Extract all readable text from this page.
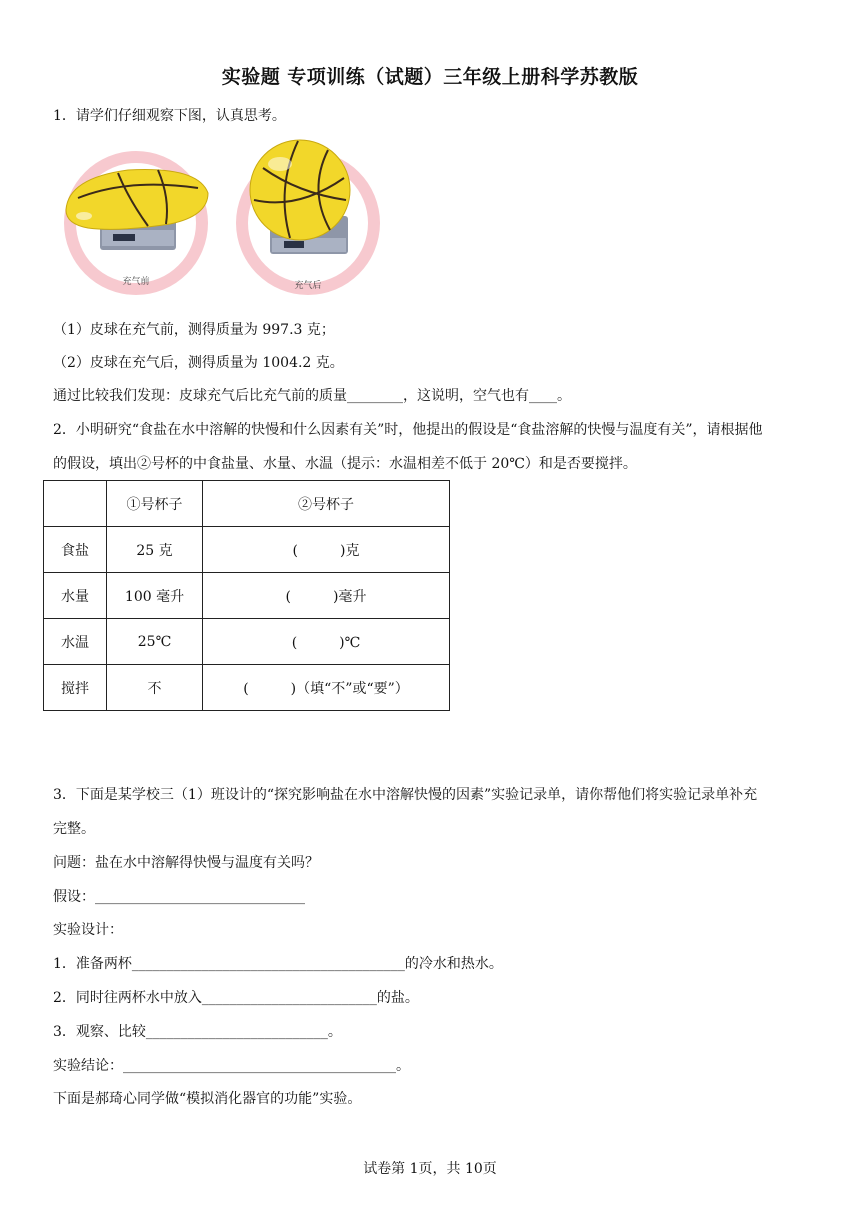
实验题 专项训练（试题）三年级上册科学苏教版
1．请学们仔细观察下图，认真思考。
充气前	充气后
（1）皮球在充气前，测得质量为 997.3 克；
（2）皮球在充气后，测得质量为 1004.2 克。
通过比较我们发现：皮球充气后比充气前的质量________，这说明，空气也有____。
2．小明研究“食盐在水中溶解的快慢和什么因素有关”时，他提出的假设是“食盐溶解的快慢与温度有关”，请根据他
的假设，填出②号杯的中食盐量、水量、水温（提示：水温相差不低于 20℃）和是否要搅拌。
	①号杯子	②号杯子
食盐	25 克	(　　　)克
水量	100 毫升	(　　　)毫升
水温	25℃	(　　　)℃
搅拌	不	(　　　)（填“不”或“要”）
3．下面是某学校三（1）班设计的“探究影响盐在水中溶解快慢的因素”实验记录单，请你帮他们将实验记录单补充
完整。
问题：盐在水中溶解得快慢与温度有关吗？
假设：______________________________
实验设计：
1．准备两杯_______________________________________的冷水和热水。
2．同时往两杯水中放入_________________________的盐。
3．观察、比较__________________________。
实验结论：_______________________________________。
下面是郝琦心同学做“模拟消化器官的功能”实验。
试卷第 1页，共 10页
